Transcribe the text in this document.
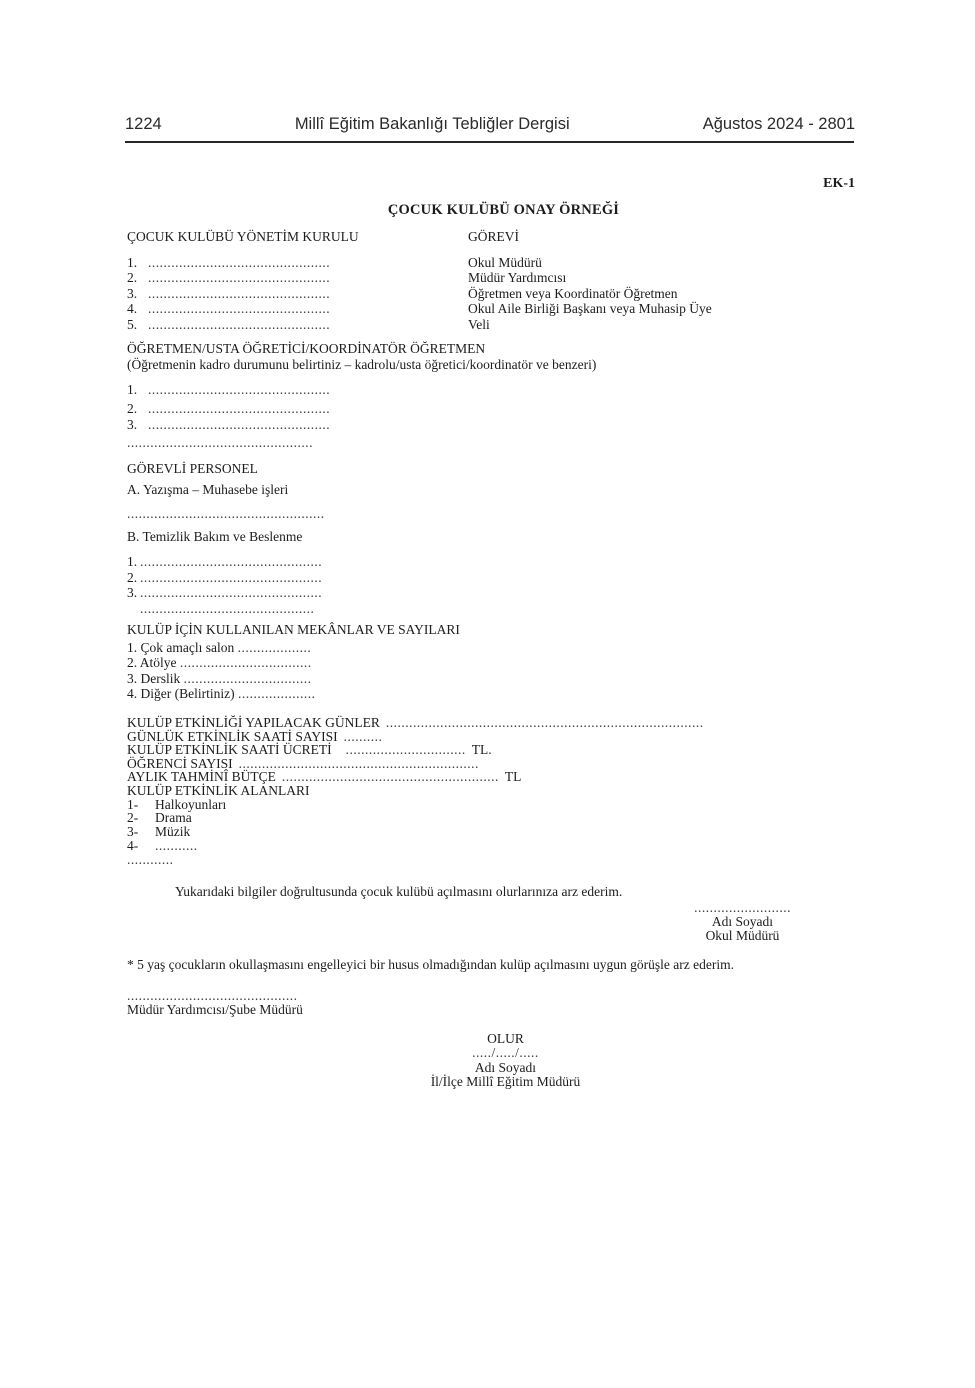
1224	Millî Eğitim Bakanlığı Tebliğler Dergisi	Ağustos 2024 - 2801
EK-1
ÇOCUK KULÜBÜ ONAY ÖRNEĞİ
ÇOCUK KULÜBÜ YÖNETİM KURULU	GÖREVİ
1. ...............................................	Okul Müdürü
2. ...............................................	Müdür Yardımcısı
3. ...............................................	Öğretmen veya Koordinatör Öğretmen
4. ...............................................	Okul Aile Birliği Başkanı veya Muhasip Üye
5. ...............................................	Veli
ÖĞRETMEN/USTA ÖĞRETİCİ/KOORDİNATÖR ÖĞRETMEN
(Öğretmenin kadro durumunu belirtiniz – kadrolu/usta öğretici/koordinatör ve benzeri)
1. ...............................................
2. ...............................................
3. ...............................................
................................................
GÖREVLİ PERSONEL
A. Yazışma – Muhasebe işleri
...................................................
B. Temizlik Bakım ve Beslenme
1. ...............................................
2. ...............................................
3. ...............................................
.............................................
KULÜP İÇİN KULLANILAN MEKÂNLAR VE SAYILARI
1. Çok amaçlı salon ...................
2. Atölye ..................................
3. Derslik .................................
4. Diğer (Belirtiniz) ....................
KULÜP ETKİNLİĞİ YAPILACAK GÜNLER ..................................................................................
GÜNLÜK ETKİNLİK SAATİ SAYISI ..........
KULÜP ETKİNLİK SAATİ ÜCRETİ ............................... TL.
ÖĞRENCİ SAYISI ..............................................................
AYLIK TAHMİNÎ BÜTÇE ........................................................ TL
KULÜP ETKİNLİK ALANLARI
1-	Halkoyunları
2-	Drama
3-	Müzik
4-	...........
............
Yukarıdaki bilgiler doğrultusunda çocuk kulübü açılmasını olurlarınıza arz ederim.
.........................
Adı Soyadı
Okul Müdürü
* 5 yaş çocukların okullaşmasını engelleyici bir husus olmadığından kulüp açılmasını uygun görüşle arz ederim.
............................................
Müdür Yardımcısı/Şube Müdürü
OLUR
...../...../.....
Adı Soyadı
İl/İlçe Millî Eğitim Müdürü
